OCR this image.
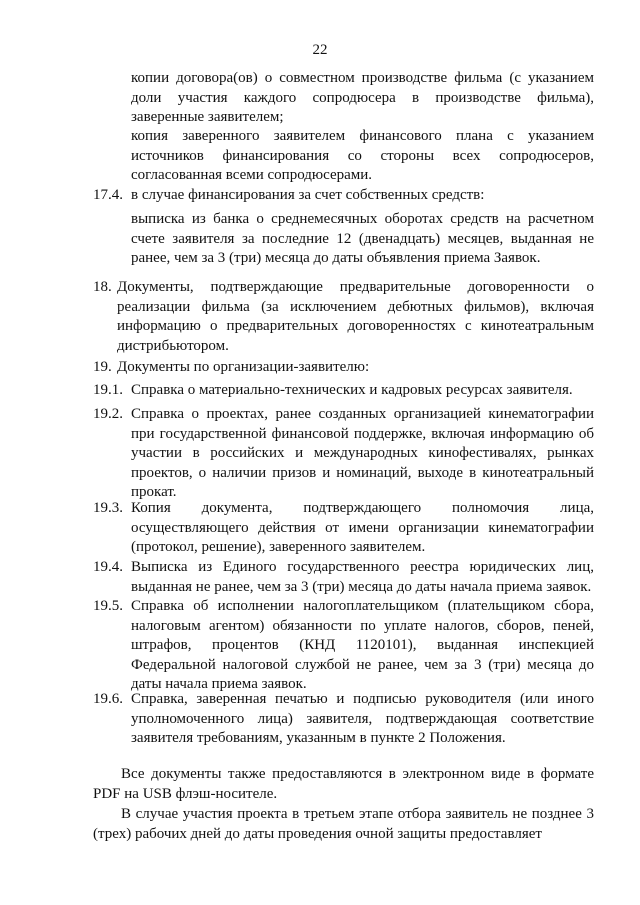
22
копии договора(ов) о совместном производстве фильма (с указанием доли участия каждого сопродюсера в производстве фильма), заверенные заявителем;
копия заверенного заявителем финансового плана с указанием источников финансирования со стороны всех сопродюсеров, согласованная всеми сопродюсерами.
17.4. в случае финансирования за счет собственных средств:
выписка из банка о среднемесячных оборотах средств на расчетном счете заявителя за последние 12 (двенадцать) месяцев, выданная не ранее, чем за 3 (три) месяца до даты объявления приема Заявок.
18. Документы, подтверждающие предварительные договоренности о реализации фильма (за исключением дебютных фильмов), включая информацию о предварительных договоренностях с кинотеатральным дистрибьютором.
19. Документы по организации-заявителю:
19.1. Справка о материально-технических и кадровых ресурсах заявителя.
19.2. Справка о проектах, ранее созданных организацией кинематографии при государственной финансовой поддержке, включая информацию об участии в российских и международных кинофестивалях, рынках проектов, о наличии призов и номинаций, выходе в кинотеатральный прокат.
19.3. Копия документа, подтверждающего полномочия лица, осуществляющего действия от имени организации кинематографии (протокол, решение), заверенного заявителем.
19.4. Выписка из Единого государственного реестра юридических лиц, выданная не ранее, чем за 3 (три) месяца до даты начала приема заявок.
19.5. Справка об исполнении налогоплательщиком (плательщиком сбора, налоговым агентом) обязанности по уплате налогов, сборов, пеней, штрафов, процентов (КНД 1120101), выданная инспекцией Федеральной налоговой службой не ранее, чем за 3 (три) месяца до даты начала приема заявок.
19.6. Справка, заверенная печатью и подписью руководителя (или иного уполномоченного лица) заявителя, подтверждающая соответствие заявителя требованиям, указанным в пункте 2 Положения.
Все документы также предоставляются в электронном виде в формате PDF на USB флэш-носителе.
В случае участия проекта в третьем этапе отбора заявитель не позднее 3 (трех) рабочих дней до даты проведения очной защиты предоставляет
